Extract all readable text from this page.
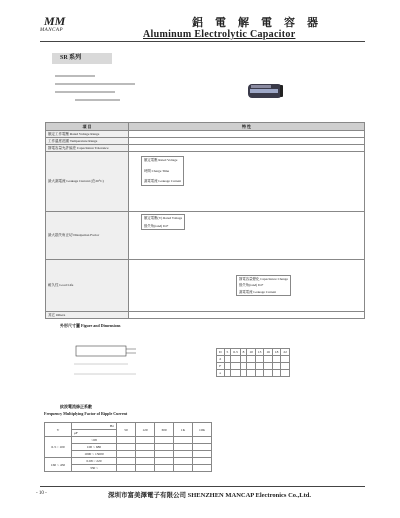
MM
MANCAP
鋁電解電容器
Aluminum Electrolytic Capacitor
SR 系列
項 目	特 性
額定工作電壓 Rated Voltage Range	
工作溫度范圍 Temperature Range	
靜電容量允許偏差 Capacitance Tolerance	
最大漏電流 Leakage Current (在20°C)	額定電壓 Rated Voltage
時間 Charge Time
漏電電流 Leakage Current

最大損失角正切 Dissipation Factor	額定電壓(V) Rated Voltage
損失角(tanδ) D.F

耐久性 Load Life	靜電容量變化 Capacitance Change
損失角(tanδ) D.F
漏電電流 Leakage Current

其它 Others	
外形尺寸圖 Figure and Dimensions
D	5	6.3	8	10	13	16	18	22
d								
F								
a								
紋波電流修正系數
Frequency Multiplying Factor of Ripple Current
V	Hz	50	120	300	1K	10K
	μF					
6.3 ~ 100	~68					
	100 ~ 680					
	1000 ~ 15000					
160 ~ 450	0.68 ~ 220					
	330 ~					
- 10 -	深圳市富美澤電子有限公司 SHENZHEN MANCAP Electronics Co.,Ltd.
